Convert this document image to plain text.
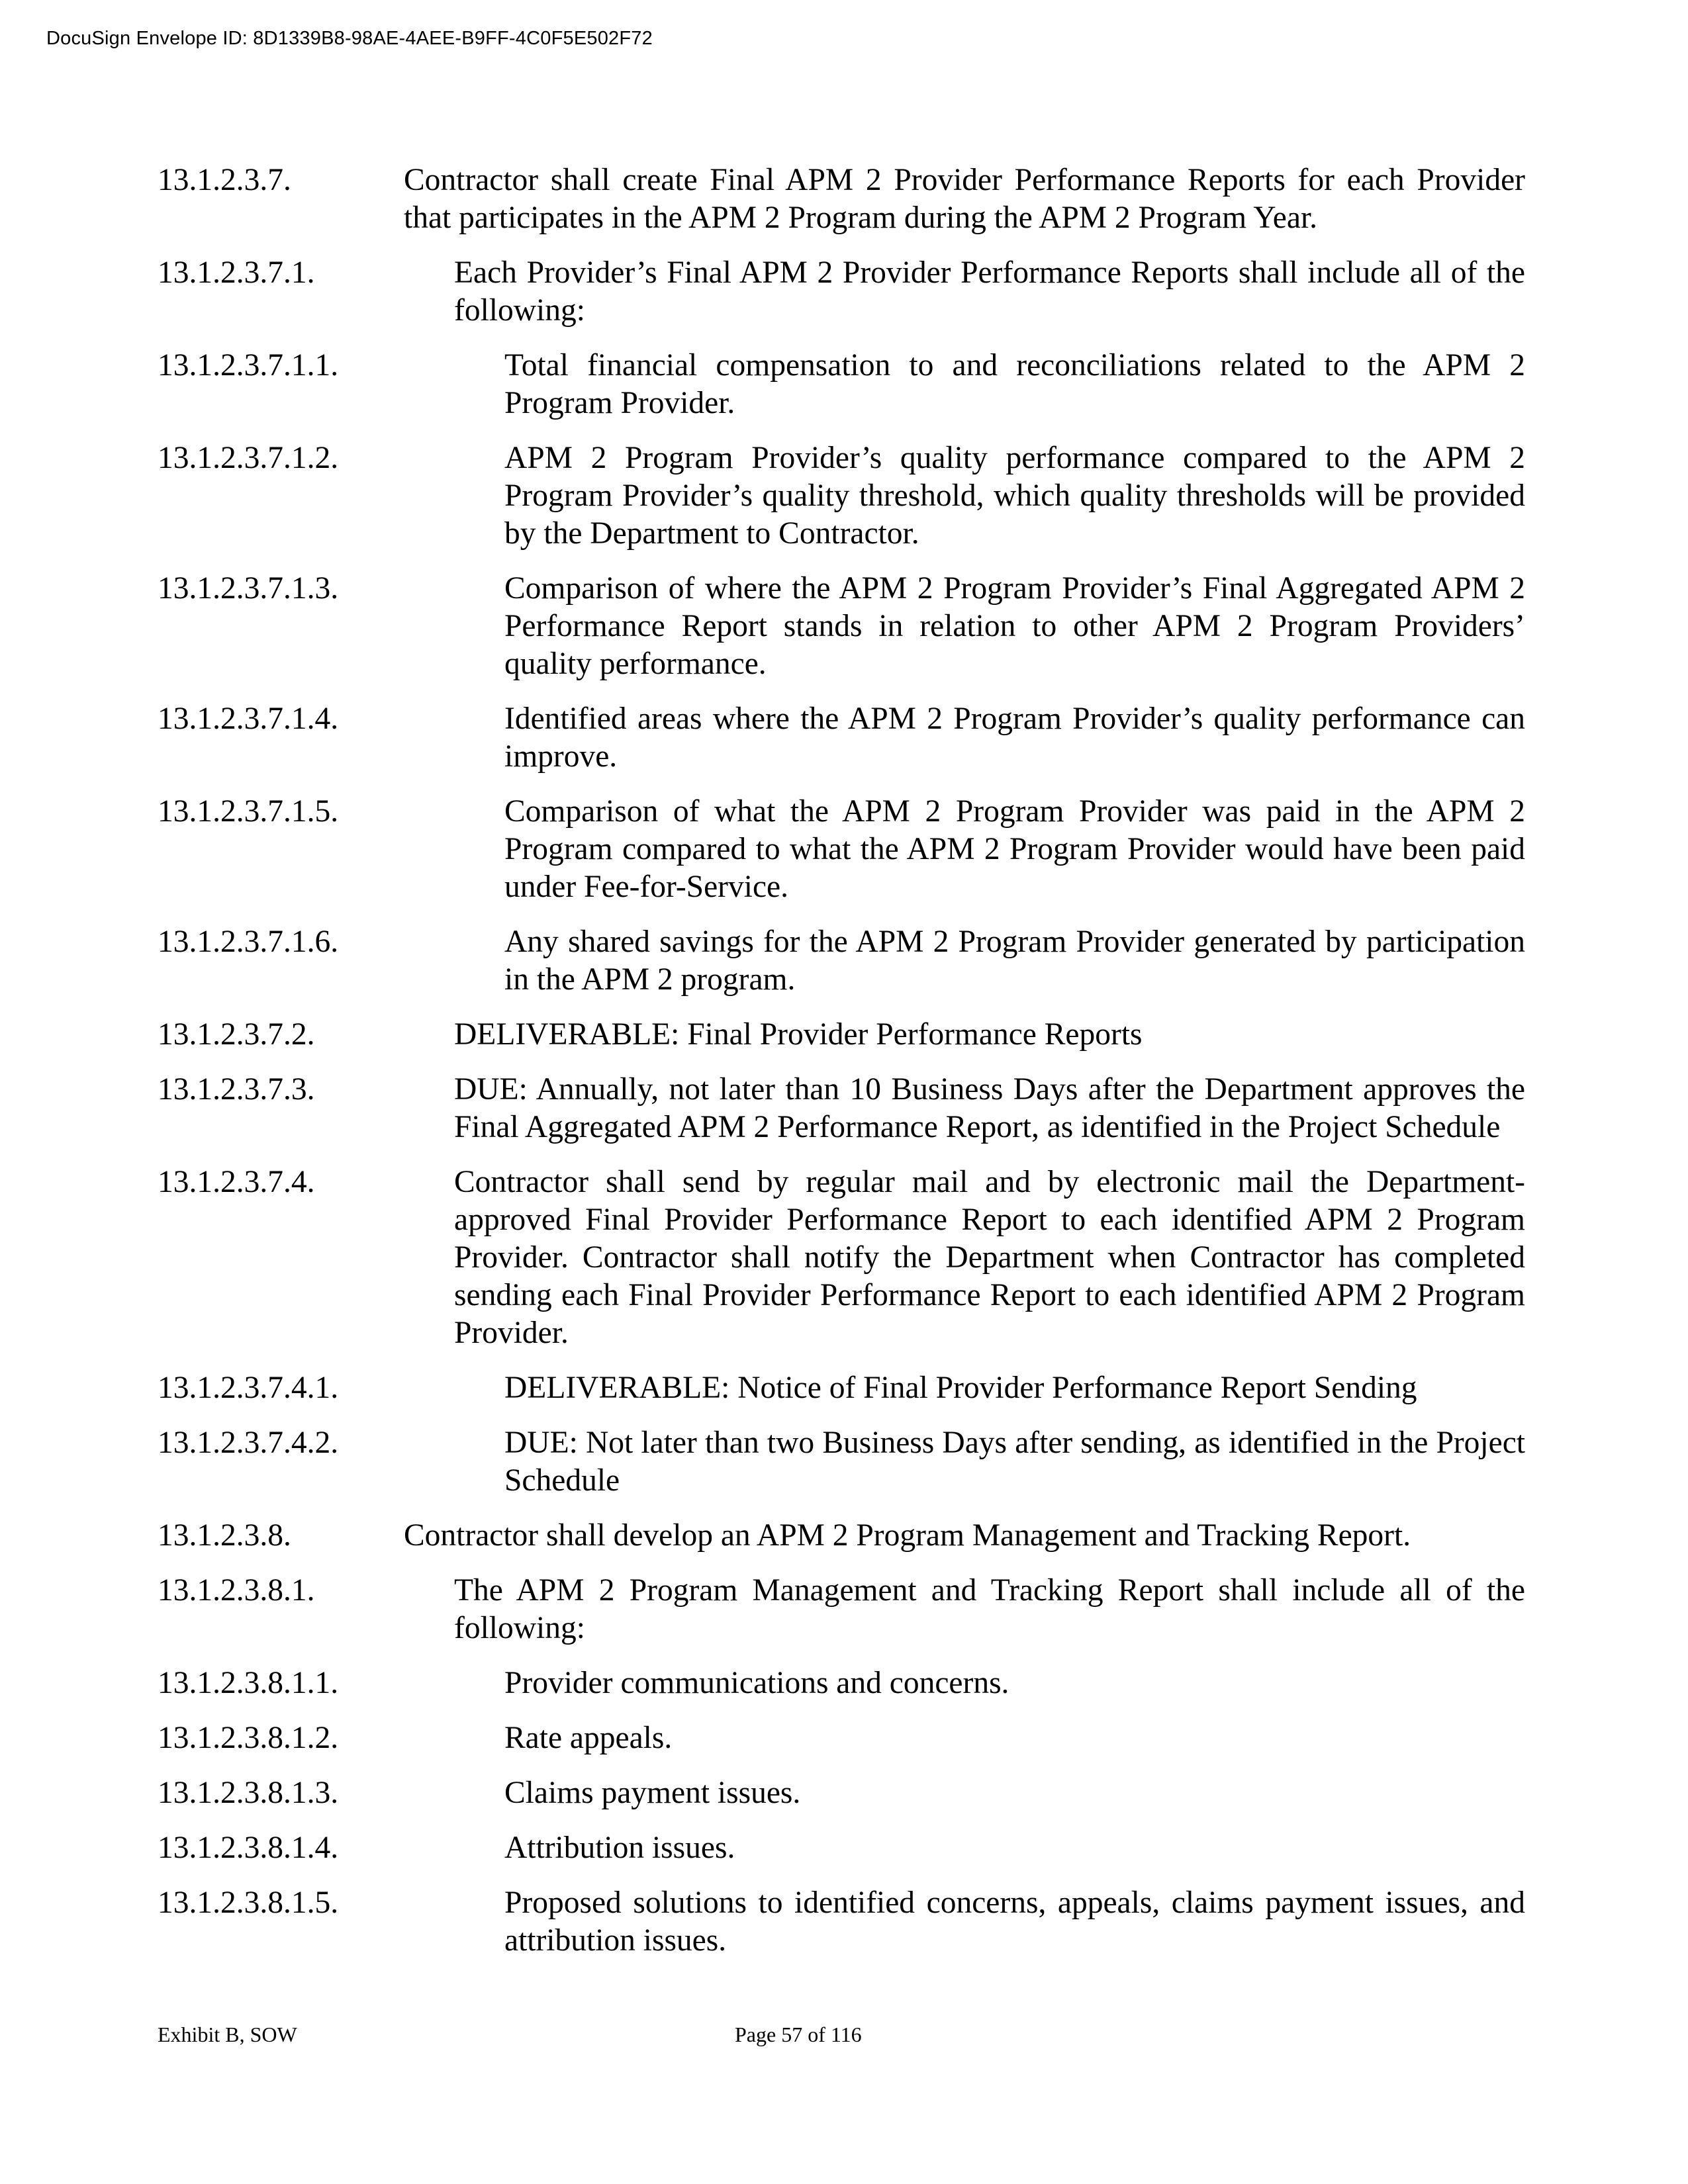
DocuSign Envelope ID: 8D1339B8-98AE-4AEE-B9FF-4C0F5E502F72
13.1.2.3.7.	Contractor shall create Final APM 2 Provider Performance Reports for each Provider that participates in the APM 2 Program during the APM 2 Program Year.
13.1.2.3.7.1.	Each Provider’s Final APM 2 Provider Performance Reports shall include all of the following:
13.1.2.3.7.1.1.	Total financial compensation to and reconciliations related to the APM 2 Program Provider.
13.1.2.3.7.1.2.	APM 2 Program Provider’s quality performance compared to the APM 2 Program Provider’s quality threshold, which quality thresholds will be provided by the Department to Contractor.
13.1.2.3.7.1.3.	Comparison of where the APM 2 Program Provider’s Final Aggregated APM 2 Performance Report stands in relation to other APM 2 Program Providers’ quality performance.
13.1.2.3.7.1.4.	Identified areas where the APM 2 Program Provider’s quality performance can improve.
13.1.2.3.7.1.5.	Comparison of what the APM 2 Program Provider was paid in the APM 2 Program compared to what the APM 2 Program Provider would have been paid under Fee-for-Service.
13.1.2.3.7.1.6.	Any shared savings for the APM 2 Program Provider generated by participation in the APM 2 program.
13.1.2.3.7.2.	DELIVERABLE: Final Provider Performance Reports
13.1.2.3.7.3.	DUE: Annually, not later than 10 Business Days after the Department approves the Final Aggregated APM 2 Performance Report, as identified in the Project Schedule
13.1.2.3.7.4.	Contractor shall send by regular mail and by electronic mail the Department-approved Final Provider Performance Report to each identified APM 2 Program Provider. Contractor shall notify the Department when Contractor has completed sending each Final Provider Performance Report to each identified APM 2 Program Provider.
13.1.2.3.7.4.1.	DELIVERABLE: Notice of Final Provider Performance Report Sending
13.1.2.3.7.4.2.	DUE: Not later than two Business Days after sending, as identified in the Project Schedule
13.1.2.3.8.	Contractor shall develop an APM 2 Program Management and Tracking Report.
13.1.2.3.8.1.	The APM 2 Program Management and Tracking Report shall include all of the following:
13.1.2.3.8.1.1.	Provider communications and concerns.
13.1.2.3.8.1.2.	Rate appeals.
13.1.2.3.8.1.3.	Claims payment issues.
13.1.2.3.8.1.4.	Attribution issues.
13.1.2.3.8.1.5.	Proposed solutions to identified concerns, appeals, claims payment issues, and attribution issues.
Exhibit B, SOW	Page 57 of 116
